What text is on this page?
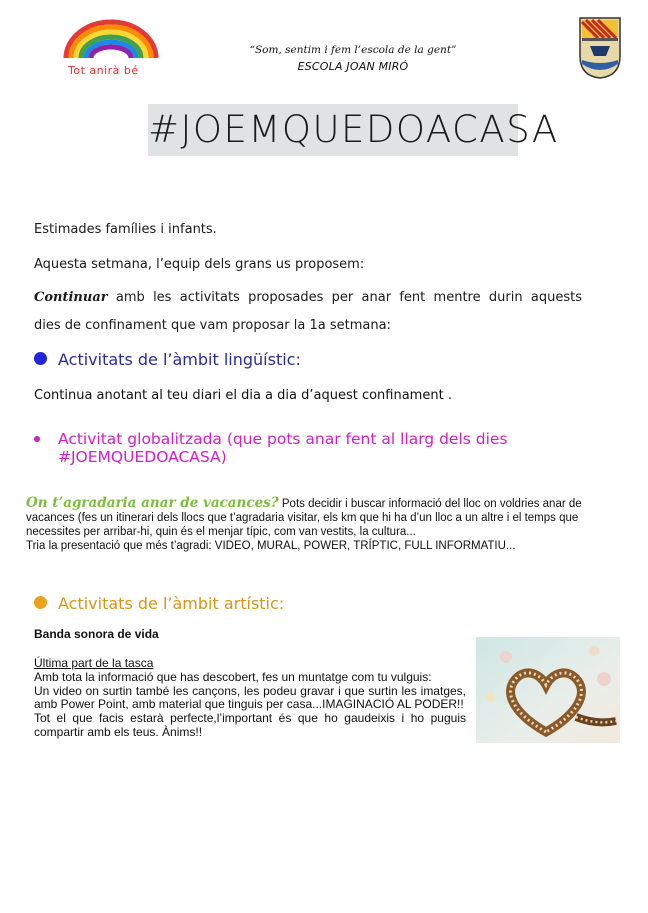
Tot anirà bé
“Som, sentim i fem l’escola de la gent”
ESCOLA JOAN MIRÓ
#JOEMQUEDOACASA
Estimades famílies i infants.
Aquesta setmana, l’equip dels grans us proposem:
Continuar amb les activitats proposades per anar fent mentre durin aquests
dies de confinament que vam proposar la 1a setmana:
Activitats de l’àmbit lingüístic:
Continua anotant al teu diari el dia a dia d’aquest confinament .
Activitat globalitzada (que pots anar fent al llarg dels dies
#JOEMQUEDOACASA)
On t’agradaria anar de vacances? Pots decidir i buscar informació del lloc on voldries anar de vacances (fes un itinerari dels llocs que t’agradaria visitar, els km que hi ha d’un lloc a un altre i el temps que necessites per arribar-hi, quin és el menjar típic, com van vestits, la cultura...
Tria la presentació que més t’agradi: VIDEO, MURAL, POWER, TRÍPTIC, FULL INFORMATIU...
Activitats de l’àmbit artístic:
Banda sonora de vida
Última part de la tasca
Amb tota la informació que has descobert, fes un muntatge com tu vulguis:
Un video on surtin també les cançons, les podeu gravar i que surtin les imatges, amb Power Point, amb material que tinguis per casa...IMAGINACIÓ AL PODER!!
Tot el que facis estarà perfecte,l’important és que ho gaudeixis i ho puguis compartir amb els teus. Ànims!!
